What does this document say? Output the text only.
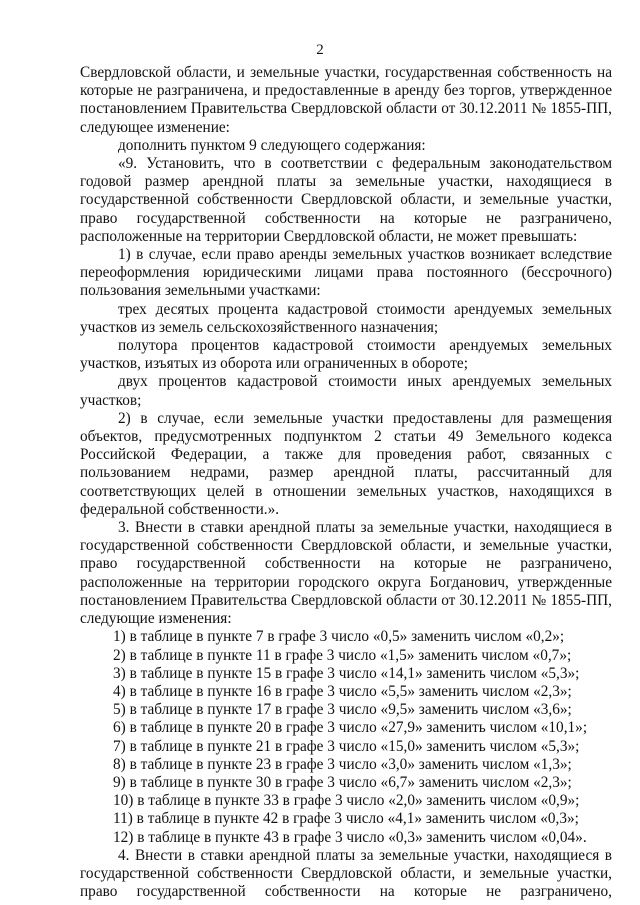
2

Свердловской области, и земельные участки, государственная собственность на которые не разграничена, и предоставленные в аренду без торгов, утвержденное постановлением Правительства Свердловской области от 30.12.2011 № 1855-ПП, следующее изменение:

дополнить пунктом 9 следующего содержания:

«9. Установить, что в соответствии с федеральным законодательством годовой размер арендной платы за земельные участки, находящиеся в государственной собственности Свердловской области, и земельные участки, право государственной собственности на которые не разграничено, расположенные на территории Свердловской области, не может превышать:

1) в случае, если право аренды земельных участков возникает вследствие переоформления юридическими лицами права постоянного (бессрочного) пользования земельными участками:

трех десятых процента кадастровой стоимости арендуемых земельных участков из земель сельскохозяйственного назначения;

полутора процентов кадастровой стоимости арендуемых земельных участков, изъятых из оборота или ограниченных в обороте;

двух процентов кадастровой стоимости иных арендуемых земельных участков;

2) в случае, если земельные участки предоставлены для размещения объектов, предусмотренных подпунктом 2 статьи 49 Земельного кодекса Российской Федерации, а также для проведения работ, связанных с пользованием недрами, размер арендной платы, рассчитанный для соответствующих целей в отношении земельных участков, находящихся в федеральной собственности.».

3. Внести в ставки арендной платы за земельные участки, находящиеся в государственной собственности Свердловской области, и земельные участки, право государственной собственности на которые не разграничено, расположенные на территории городского округа Богданович, утвержденные постановлением Правительства Свердловской области от 30.12.2011 № 1855-ПП, следующие изменения:

1) в таблице в пункте 7 в графе 3 число «0,5» заменить числом «0,2»;

2) в таблице в пункте 11 в графе 3 число «1,5» заменить числом «0,7»;

3) в таблице в пункте 15 в графе 3 число «14,1» заменить числом «5,3»;

4) в таблице в пункте 16 в графе 3 число «5,5» заменить числом «2,3»;

5) в таблице в пункте 17 в графе 3 число «9,5» заменить числом «3,6»;

6) в таблице в пункте 20 в графе 3 число «27,9» заменить числом «10,1»;

7) в таблице в пункте 21 в графе 3 число «15,0» заменить числом «5,3»;

8) в таблице в пункте 23 в графе 3 число «3,0» заменить числом «1,3»;

9) в таблице в пункте 30 в графе 3 число «6,7» заменить числом «2,3»;

10) в таблице в пункте 33 в графе 3 число «2,0» заменить числом «0,9»;

11) в таблице в пункте 42 в графе 3 число «4,1» заменить числом «0,3»;

12) в таблице в пункте 43 в графе 3 число «0,3» заменить числом «0,04».

4. Внести в ставки арендной платы за земельные участки, находящиеся в государственной собственности Свердловской области, и земельные участки, право государственной собственности на которые не разграничено,
